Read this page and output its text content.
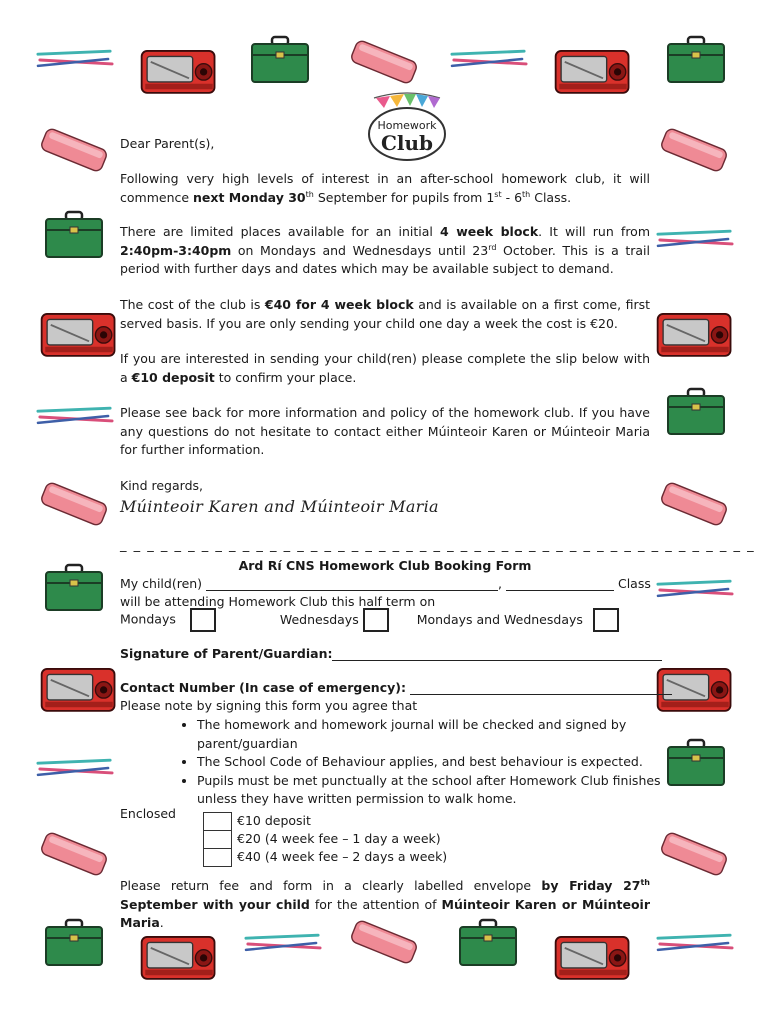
Homework
Club

Dear Parent(s),

Following very high levels of interest in an after-school homework club, it will commence next Monday 30th September for pupils from 1st - 6th Class.

There are limited places available for an initial 4 week block. It will run from 2:40pm-3:40pm on Mondays and Wednesdays until 23rd October. This is a trail period with further days and dates which may be available subject to demand.

The cost of the club is €40 for 4 week block and is available on a first come, first served basis. If you are only sending your child one day a week the cost is €20.

If you are interested in sending your child(ren) please complete the slip below with a €10 deposit to confirm your place.

Please see back for more information and policy of the homework club. If you have any questions do not hesitate to contact either Múinteoir Karen or Múinteoir Maria for further information.

Kind regards,

Múinteoir Karen and Múinteoir Maria
_ _ _ _ _ _ _ _ _ _ _ _ _ _ _ _ _ _ _ _ _ _ _ _ _ _ _ _ _ _ _ _ _ _ _ _ _ _ _ _ _ _ _ _ _ _ _
Ard Rí CNS Homework Club Booking Form
My child(ren)	,	Class
will be attending Homework Club this half term on
Mondays	Wednesdays	Mondays and Wednesdays
Signature of Parent/Guardian:
Contact Number (In case of emergency):
Please note by signing this form you agree that
• The homework and homework journal will be checked and signed by parent/guardian
• The School Code of Behaviour applies, and best behaviour is expected.
• Pupils must be met punctually at the school after Homework Club finishes unless they have written permission to walk home.
Enclosed	€10 deposit
€20 (4 week fee – 1 day a week)
€40 (4 week fee – 2 days a week)

Please return fee and form in a clearly labelled envelope by Friday 27th September with your child for the attention of Múinteoir Karen or Múinteoir Maria.
